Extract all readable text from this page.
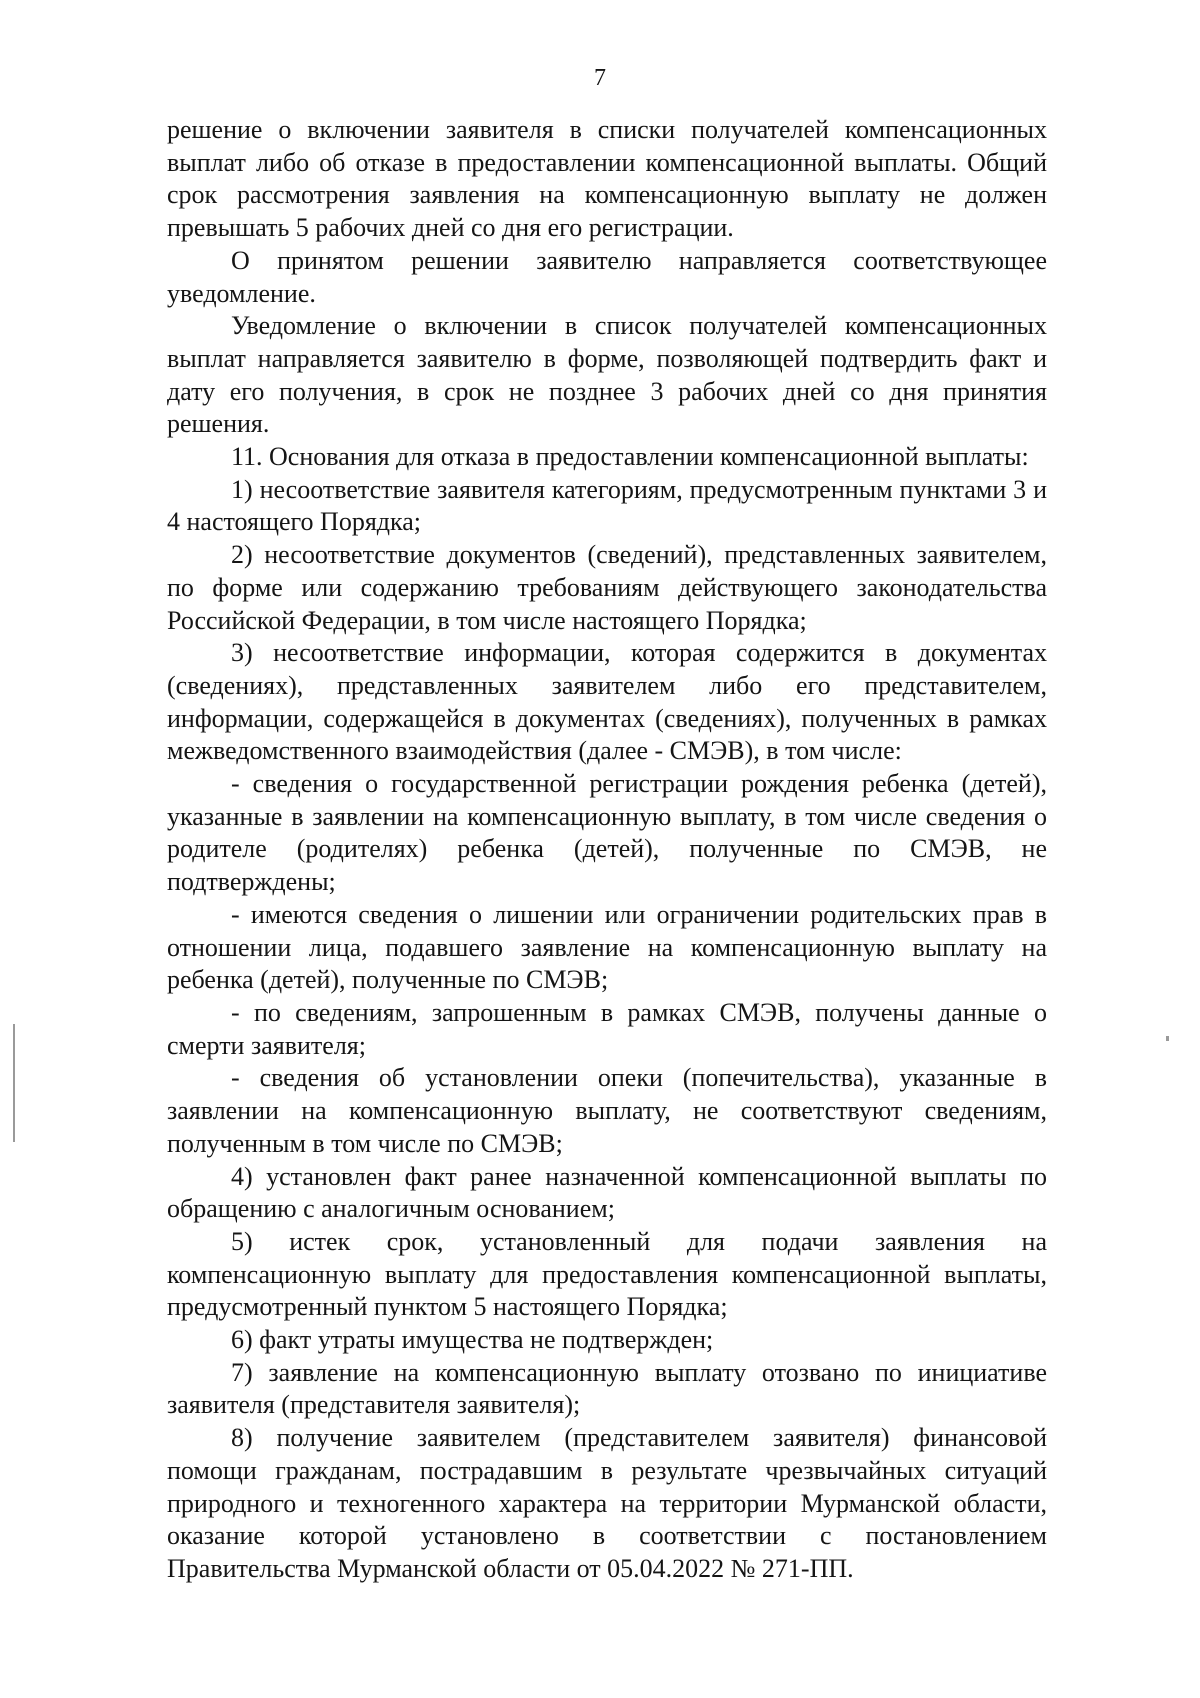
7

решение о включении заявителя в списки получателей компенсационных выплат либо об отказе в предоставлении компенсационной выплаты. Общий срок рассмотрения заявления на компенсационную выплату не должен превышать 5 рабочих дней со дня его регистрации.

О принятом решении заявителю направляется соответствующее уведомление.

Уведомление о включении в список получателей компенсационных выплат направляется заявителю в форме, позволяющей подтвердить факт и дату его получения, в срок не позднее 3 рабочих дней со дня принятия решения.

11. Основания для отказа в предоставлении компенсационной выплаты:

1) несоответствие заявителя категориям, предусмотренным пунктами 3 и 4 настоящего Порядка;

2) несоответствие документов (сведений), представленных заявителем, по форме или содержанию требованиям действующего законодательства Российской Федерации, в том числе настоящего Порядка;

3) несоответствие информации, которая содержится в документах (сведениях), представленных заявителем либо его представителем, информации, содержащейся в документах (сведениях), полученных в рамках межведомственного взаимодействия (далее - СМЭВ), в том числе:

- сведения о государственной регистрации рождения ребенка (детей), указанные в заявлении на компенсационную выплату, в том числе сведения о родителе (родителях) ребенка (детей), полученные по СМЭВ, не подтверждены;

- имеются сведения о лишении или ограничении родительских прав в отношении лица, подавшего заявление на компенсационную выплату на ребенка (детей), полученные по СМЭВ;

- по сведениям, запрошенным в рамках СМЭВ, получены данные о смерти заявителя;

- сведения об установлении опеки (попечительства), указанные в заявлении на компенсационную выплату, не соответствуют сведениям, полученным в том числе по СМЭВ;

4) установлен факт ранее назначенной компенсационной выплаты по обращению с аналогичным основанием;

5) истек срок, установленный для подачи заявления на компенсационную выплату для предоставления компенсационной выплаты, предусмотренный пунктом 5 настоящего Порядка;

6) факт утраты имущества не подтвержден;

7) заявление на компенсационную выплату отозвано по инициативе заявителя (представителя заявителя);

8) получение заявителем (представителем заявителя) финансовой помощи гражданам, пострадавшим в результате чрезвычайных ситуаций природного и техногенного характера на территории Мурманской области, оказание которой установлено в соответствии с постановлением Правительства Мурманской области от 05.04.2022 № 271-ПП.
